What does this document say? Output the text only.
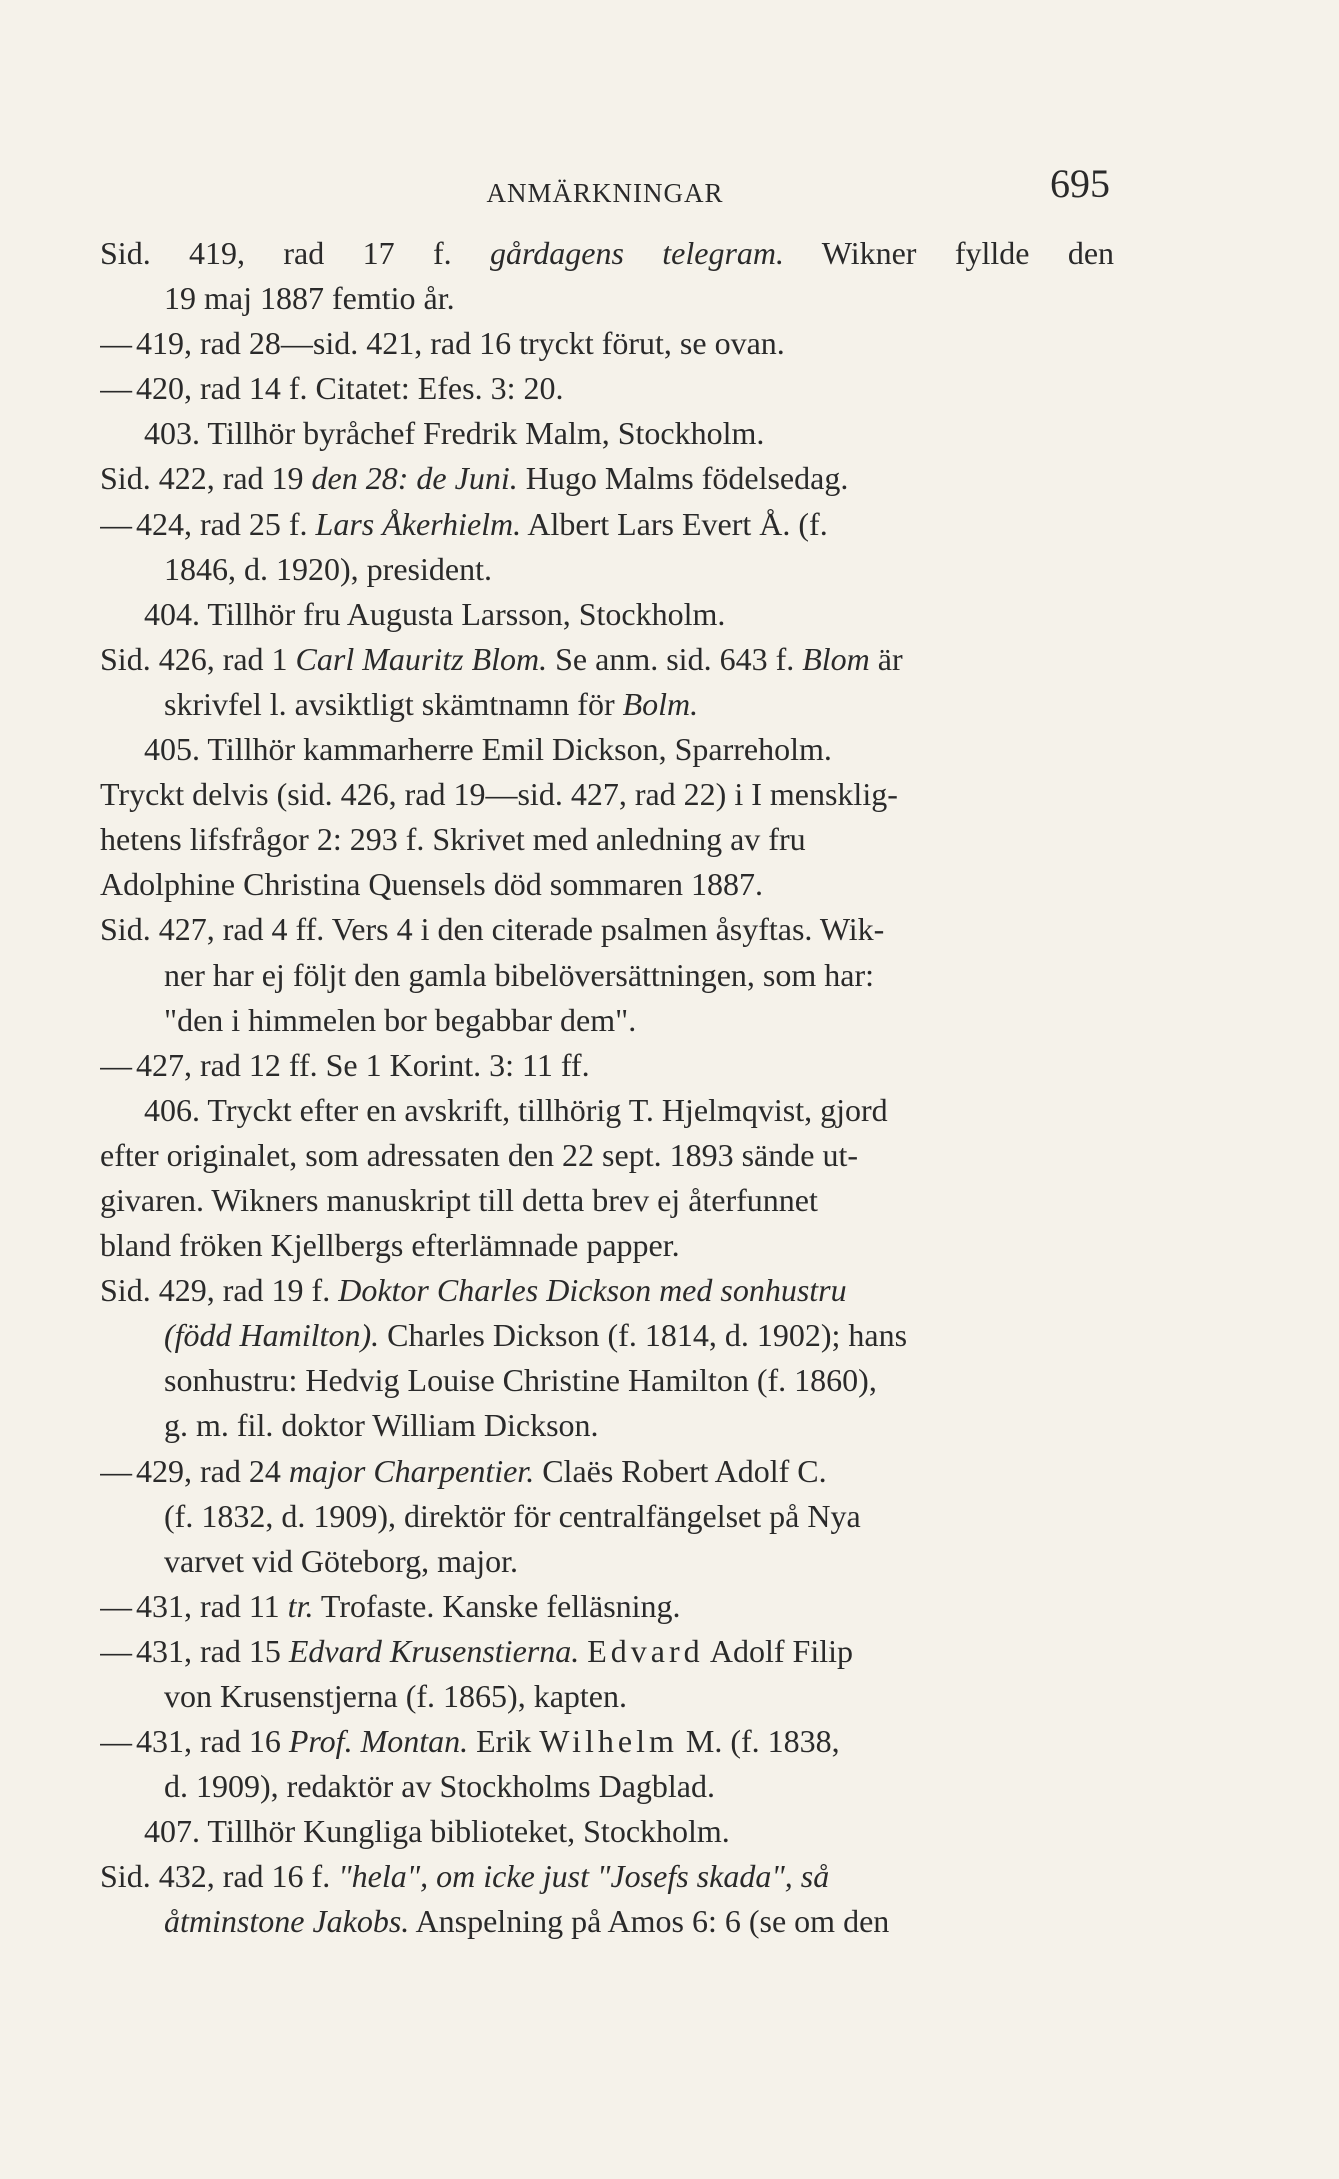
ANMÄRKNINGAR	695
Sid. 419, rad 17 f. gårdagens telegram. Wikner fyllde den
19 maj 1887 femtio år.
—419, rad 28—sid. 421, rad 16 tryckt förut, se ovan.
—420, rad 14 f. Citatet: Efes. 3: 20.
403. Tillhör byråchef Fredrik Malm, Stockholm.
Sid. 422, rad 19 den 28: de Juni. Hugo Malms födelsedag.
—424, rad 25 f. Lars Åkerhielm. Albert Lars Evert Å. (f.
1846, d. 1920), president.
404. Tillhör fru Augusta Larsson, Stockholm.
Sid. 426, rad 1 Carl Mauritz Blom. Se anm. sid. 643 f. Blom är
skrivfel l. avsiktligt skämtnamn för Bolm.
405. Tillhör kammarherre Emil Dickson, Sparreholm.
Tryckt delvis (sid. 426, rad 19—sid. 427, rad 22) i I mensklig-
hetens lifsfrågor 2: 293 f. Skrivet med anledning av fru
Adolphine Christina Quensels död sommaren 1887.
Sid. 427, rad 4 ff. Vers 4 i den citerade psalmen åsyftas. Wik-
ner har ej följt den gamla bibelöversättningen, som har:
"den i himmelen bor begabbar dem".
—427, rad 12 ff. Se 1 Korint. 3: 11 ff.
406. Tryckt efter en avskrift, tillhörig T. Hjelmqvist, gjord
efter originalet, som adressaten den 22 sept. 1893 sände ut-
givaren. Wikners manuskript till detta brev ej återfunnet
bland fröken Kjellbergs efterlämnade papper.
Sid. 429, rad 19 f. Doktor Charles Dickson med sonhustru
(född Hamilton). Charles Dickson (f. 1814, d. 1902); hans
sonhustru: Hedvig Louise Christine Hamilton (f. 1860),
g. m. fil. doktor William Dickson.
—429, rad 24 major Charpentier. Claës Robert Adolf C.
(f. 1832, d. 1909), direktör för centralfängelset på Nya
varvet vid Göteborg, major.
—431, rad 11 tr. Trofaste. Kanske felläsning.
—431, rad 15 Edvard Krusenstierna. Edvard Adolf Filip
von Krusenstjerna (f. 1865), kapten.
—431, rad 16 Prof. Montan. Erik Wilhelm M. (f. 1838,
d. 1909), redaktör av Stockholms Dagblad.
407. Tillhör Kungliga biblioteket, Stockholm.
Sid. 432, rad 16 f. "hela", om icke just "Josefs skada", så
åtminstone Jakobs. Anspelning på Amos 6: 6 (se om den
